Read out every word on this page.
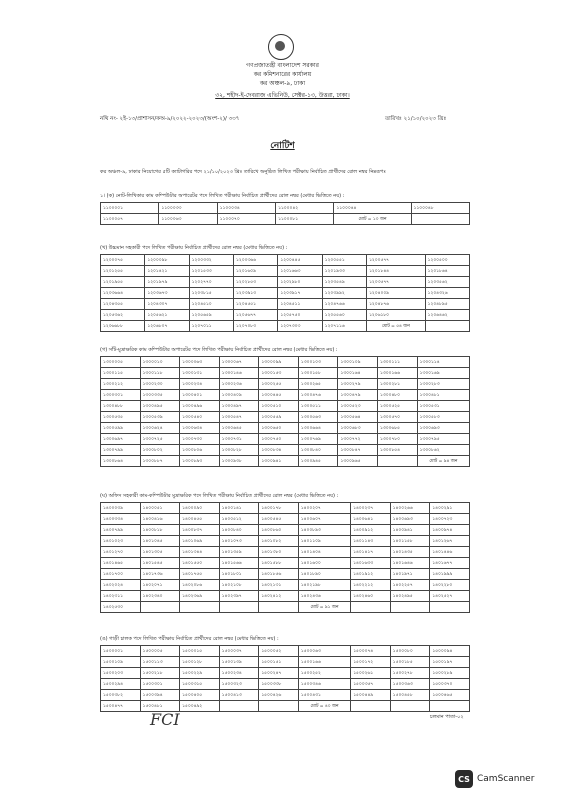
গণপ্রজাতন্ত্রী বাংলাদেশ সরকার
কর কমিশনারের কার্যালয়
কর অঞ্চল-৯, ঢাকা
৩২, শহীদ-ই-দেবরাজ এভিনিউ, সেক্টর-১৩, উত্তরা, ঢাকা।
নথি নং- ২ই-১৩/প্রাশাসন/কঅ-৯/২০২২-২০২৩/(অংশ-২)/ ৩৩৭	তারিখঃ ২১/১০/২০২৩ খ্রিঃ
নোটিশ
কর অঞ্চল-৯, ঢাকার নিয়োগের ৫টি ক্যাটাগরির পদে ২১/১০/২০২৩ খ্রিঃ তারিখে অনুষ্ঠিত লিখিত পরীক্ষায় নির্বাচিত প্রার্থীদের রোল নম্বর নিম্নরূপঃ
১। (ক) নোট-লিখিকার কাম কম্পিউটার অপারেটর পদে লিখিত পরীক্ষায় নির্বাচিত প্রার্থীদের রোল নম্বর (মেধার ভিত্তিতে নয়) :
১১০০০০১	১১০০০৩৩	১১০০০৩৪	১১০০০৪২	১১০০০৪৪	১১০০০৪৮
১১০০০৫৭	১১০০০৬৩	১১০০০৭০	১১০০০৮১	মোট = ১০ জন	
(খ) উচ্চমান সহকারী পদে লিখিত পরীক্ষায় নির্বাচিত প্রার্থীদের রোল নম্বর (মেধার ভিত্তিতে নয়) :
১২০০০৭৫	১২০০০৯৮	১২০০৩৩২	১২০০৩৬৬	১২০০৪৪৫	১২০০৫৫১	১২০০৫৭৭	১২০০৫০০
১২০১২৫৫	১২০১৪২১	১২০১৫৩৩	১২০১৬০৯	১২০১৬৬৩	১২০১৯৩৩	১২০১৮৪৪	১২০১৮৬৪
১২০১৯৫৫	১২০১৯৭৯	১২০২৭৭০	১২০২৮৫৩	১২০২৯৮০	১২০৩৫৪৯	১২০৩৫৭৭	১২০৩৫৬২
১২০৩৬৬৪	১২০৩৬৭৩	১২০৩৮১৫	১২০৩৯১৩	১২০৩৯১৭	১২০৩৯৯২	১২০৪০০৯	১২০৪৩২৬
১২০৪৩৫৫	১২০৪৩০৭	১২০৪৫১০	১২০৪৫৫১	১২০৪৫১১	১২০৪৭৬৬	১২০৪৮৭৬	১২০৪৮৯৫
১২০৫৩৬২	১২০৫৬২১	১২০৫৬৫৯	১২০৫৬৭৭	১২০৫৭৫০	১২০৫৫৬০	১২০৬১৮০	১২০৬৪৬২
১২০৬৬৮৮	১২০৬৮০৭	১২০৭০১১	১২০৭০৮৩	১২০৭৩০৩	১২০৭১১৬	মোট = ৫৪ জন	
(গ) সাঁট-মুদ্রাক্ষরিক কাম কম্পিউটার অপারেটর পদে লিখিত পরীক্ষায় নির্বাচিত প্রার্থীদের রোল নম্বর (মেধার ভিত্তিতে নয়) :
১৩০০০০৫	১৩০০০১০	১৩০০০৬৩	১৩০০০৬৭	১৩০০০৯৯	১৩০০১০৩	১৩০০১০৯	১৩০০১১১	১৩০০১১৪
১৩০০১১৫	১৩০০১১৮	১৩০০১৩১	১৩০০১৪৬	১৩০০১৫৩	১৩০০১৫৮	১৩০০১৬৪	১৩০০১৬৬	১৩০০১৬৯
১৩০০২১২	১৩০০২৩০	১৩০০২৩৪	১৩০০২৩৬	১৩০০২৫৫	১৩০০২৬৫	১৩০০২৭৯	১৩০০২৮১	১৩০০২৮৩
১৩০০৩০১	১৩০০৩৩৫	১৩০০৪০১	১৩০০৪০৯	১৩০০৪৪৫	১৩০০৪৭৬	১৩০০৪৭৯	১৩০০৪৮০	১৩০০৪৮১
১৩০০৪৮৮	১৩০০৪৯৫	১৩০০৪৯৬	১৩০০৪৯৭	১৩০০৫১০	১৩০০৫১১	১৩০০৫২৩	১৩০০৫২৫	১৩০০৫৩১
১৩০০৫৩৫	১৩০০৫৩৯	১৩০০৫৪০	১৩০০৫৪৭	১৩০০৫৫৯	১৩০০৫৬৩	১৩০০৫৬৪	১৩০০৫৭০	১৩০০৫৮৩
১৩০০৫৯৯	১৩০০৬২৪	১৩০০৬৩৪	১৩০০৬৪৫	১৩০০৬৫০	১৩০০৬৬৪	১৩০০৬৮৩	১৩০০৬৮৫	১৩০০৬৯৩
১৩০০৬৯৭	১৩০০৭২৫	১৩০০৭৩০	১৩০০৭৩১	১৩০০৭৫০	১৩০০৭৬৯	১৩০০৭৭২	১৩০০৭৮০	১৩০০৭৯৫
১৩০০৭৯৯	১৩০০৮০২	১৩০০৮০৬	১৩০০৮২৮	১৩০০৮৩৪	১৩০০৮৪০	১৩০০৮৪৭	১৩০০৮৫৪	১৩০০৮৬২
১৩০০৮৬৪	১৩০০৮৮৭	১৩০০৮৯৩	১৩০০৯৩৮	১৩০০৯৪১	১৩০০৯৪৫	১৩০০৯৬৫		মোট = ৯৪ জন
(ঘ) অফিস সহকারী কাম-কম্পিউটার মুদ্রাক্ষরিক পদে লিখিত পরীক্ষায় নির্বাচিত প্রার্থীদের রোল নম্বর (মেধার ভিত্তিতে নয়) :
১৪০০০৩৯	১৪০০০৫১	১৪০০০৯০	১৪০০১৪১	১৪০০১৭৮	১৪০০২০৭	১৪০০২৩৭	১৪০০২৬৬	১৪০০২৯১
১৪০০৩৩৪	১৪০০৪১৬	১৪০০৪৫৫	১৪০০৫১২	১৪০০৫৪৫	১৪০০৬০৭	১৪০০৬৪১	১৪০০৬৯৩	১৪০০৭২৩
১৪০০৭৯৯	১৪০০৮১৮	১৪০০৮৩৭	১৪০০৮৪০	১৪০০৮৬০	১৪০০৮৯৩	১৪০০৯১২	১৪০০৯৪১	১৪০০৯৭৪
১৪০১০২৩	১৪০১০৪৫	১৪০১০৬৯	১৪০১০৭৩	১৪০১০৮২	১৪০১১০৯	১৪০১১৪৩	১৪০১১৫৮	১৪০১২৬৭
১৪০১২৭০	১৪০১৩০৫	১৪০১৩৪৪	১৪০১৩৫৯	১৪০১৩৮০	১৪০১৪০৪	১৪০১৪১৭	১৪০১৪৩৫	১৪০১৪৪৬
১৪০১৪৬৫	১৪০১৫৪৫	১৪০১৫৫০	১৪০১৫৬৬	১৪০১৫৮৮	১৪০১৬০০	১৪০১৬৩৩	১৪০১৬৪৬	১৪০১৬৭৭
১৪০১৭০০	১৪০১৭৩৬	১৪০১৭৫৫	১৪০১৮০১	১৪০১৮৫৬	১৪০১৮৯০	১৪০১৯১২	১৪০১৯৭১	১৪০১৯৯৯
১৪০২০২৪	১৪০২০৭১	১৪০২০৮৬	১৪০২১০৮	১৪০২১৩১	১৪০২১৯৮	১৪০২২১২	১৪০২২৫৭	১৪০২২৮০
১৪০২৩১১	১৪০২৩৪০	১৪০২৩৬৯	১৪০২৩৯৭	১৪০২৪১২	১৪০২৪৩৬	১৪০২৪৬০	১৪০২৪৯৫	১৪০২৫২৭
১৪০২৫৩০					মোট = ৯১ জন			
(ঙ) গাড়ী চালক পদে লিখিত পরীক্ষায় নির্বাচিত প্রার্থীদের রোল নম্বর (মেধার ভিত্তিতে নয়) :
১৫০০০০১	১৫০০০০৫	১৫০০০১৫	১৫০০০৩৭	১৫০০০৫২	১৫০০০৬৩	১৫০০০৭৪	১৫০০০৮০	১৫০০০৯৪
১৫০০১০৯	১৫০০১১৩	১৫০০১২৮	১৫০০১৩৯	১৫০০১৫১	১৫০০১৬৬	১৫০০১৭২	১৫০০১৮৫	১৫০০১৯৭
১৫০০২০৩	১৫০০২১৮	১৫০০২২৯	১৫০০২৩৪	১৫০০২৪৭	১৫০০২৫২	১৫০০২৬১	১৫০০২৭৮	১৫০০২৮৯
১৫০০২৯৪	১৫০০৩০১	১৫০০৩১৫	১৫০০৩২৩	১৫০০৩৩৮	১৫০০৩৪৬	১৫০০৩৫৭	১৫০০৩৬৩	১৫০০৩৭০
১৫০০৩৮২	১৫০০৩৯৪	১৫০০৪০৫	১৫০০৪১৩	১৫০০৪২৬	১৫০০৪৩১	১৫০০৪৪৯	১৫০০৪৫৮	১৫০০৪৬৫
১৫০০৪৭৭	১৫০০৪৮১	১৫০০৪৯২			মোট = ৪০ জন			
FCI	চলমান পাতা-০২
CS CamScanner
